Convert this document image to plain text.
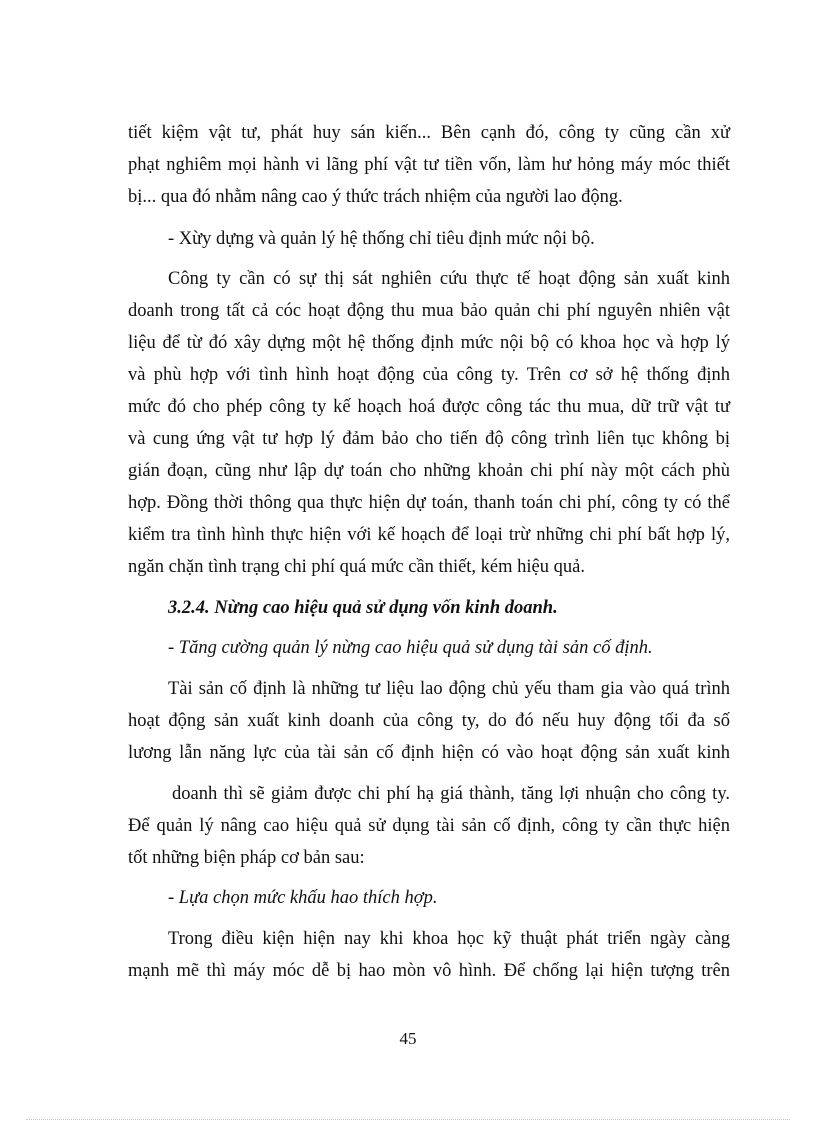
tiết kiệm vật tư, phát huy sán kiến... Bên cạnh đó, công ty cũng cần xử
phạt nghiêm mọi hành vi lãng phí vật tư tiền vốn, làm hư hỏng máy móc thiết
bị... qua đó nhằm nâng cao ý thức trách nhiệm của người lao động.
- Xừy dựng và quản lý hệ thống chỉ tiêu định mức nội bộ.
Công ty cần có sự thị sát nghiên cứu thực tế hoạt động sản xuất kinh
doanh trong tất cả cóc hoạt động thu mua bảo quản chi phí nguyên nhiên vật
liệu để từ đó xây dựng một hệ thống định mức nội bộ có khoa học và hợp lý
và phù hợp với tình hình hoạt động của công ty. Trên cơ sở hệ thống định
mức đó cho phép công ty kế hoạch hoá được công tác thu mua, dữ trữ vật tư
và cung ứng vật tư hợp lý đảm bảo cho tiến độ công trình liên tục không bị
gián đoạn, cũng như lập dự toán cho những khoản chi phí này một cách phù
hợp. Đồng thời thông qua thực hiện dự toán, thanh toán chi phí, công ty có thể
kiểm tra tình hình thực hiện với kế hoạch để loại trừ những chi phí bất hợp lý,
ngăn chặn tình trạng chi phí quá mức cần thiết, kém hiệu quả.
3.2.4. Nừng cao hiệu quả sử dụng vốn kinh doanh.
- Tăng cường quản lý nừng cao hiệu quả sử dụng tài sản cố định.
Tài sản cố định là những tư liệu lao động chủ yếu tham gia vào quá trình
hoạt động sản xuất kinh doanh của công ty, do đó nếu huy động tối đa số
lương lẫn năng lực của tài sản cố định hiện có vào hoạt động sản xuất kinh
doanh thì sẽ giảm được chi phí hạ giá thành, tăng lợi nhuận cho công ty.
Để quản lý nâng cao hiệu quả sử dụng tài sản cố định, công ty cần thực hiện
tốt những biện pháp cơ bản sau:
- Lựa chọn mức khấu hao thích hợp.
Trong điều kiện hiện nay khi khoa học kỹ thuật phát triển ngày càng
mạnh mẽ thì máy móc dễ bị hao mòn vô hình. Để chống lại hiện tượng trên
45
